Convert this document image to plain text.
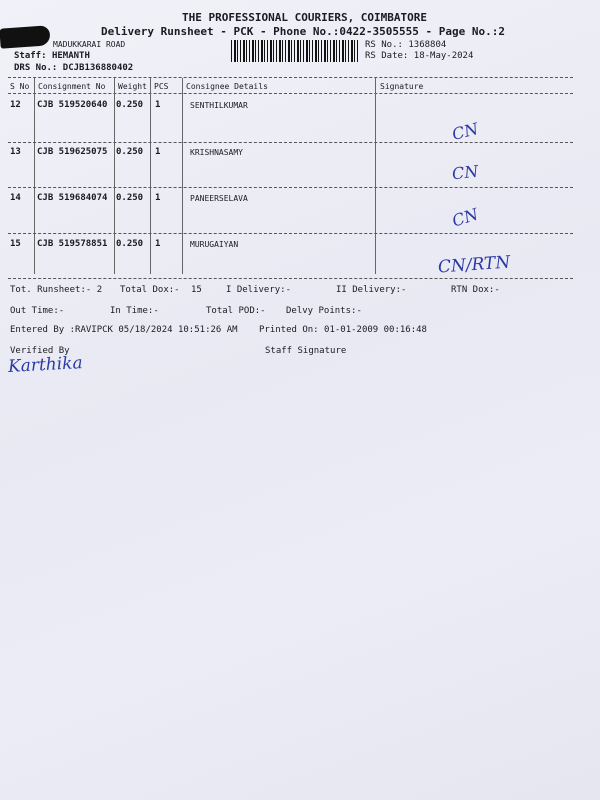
THE PROFESSIONAL COURIERS, COIMBATORE
Delivery Runsheet - PCK - Phone No.:0422-3505555 - Page No.:2
MADUKKARAI ROAD
Staff: HEMANTH
DRS No.: DCJB136880402
RS No.: 1368804
RS Date: 18-May-2024
S No Consignment No Weight PCS Consignee Details	Signature
12 CJB 519520640 0.250 1	SENTHILKUMAR
CN
13 CJB 519625075 0.250 1	KRISHNASAMY
CN
14 CJB 519684074 0.250 1	PANEERSELAVA
CN
15 CJB 519578851 0.250 1	MURUGAIYAN
CN/RTN
Tot. Runsheet:- 2 Total Dox:- 15	I Delivery:-	II Delivery:-	RTN Dox:-
Out Time:-	In Time:-	Total POD:- Delvy Points:-
Entered By :RAVIPCK 05/18/2024 10:51:26 AM Printed On: 01-01-2009 00:16:48
Verified By	Staff Signature
Karthika
